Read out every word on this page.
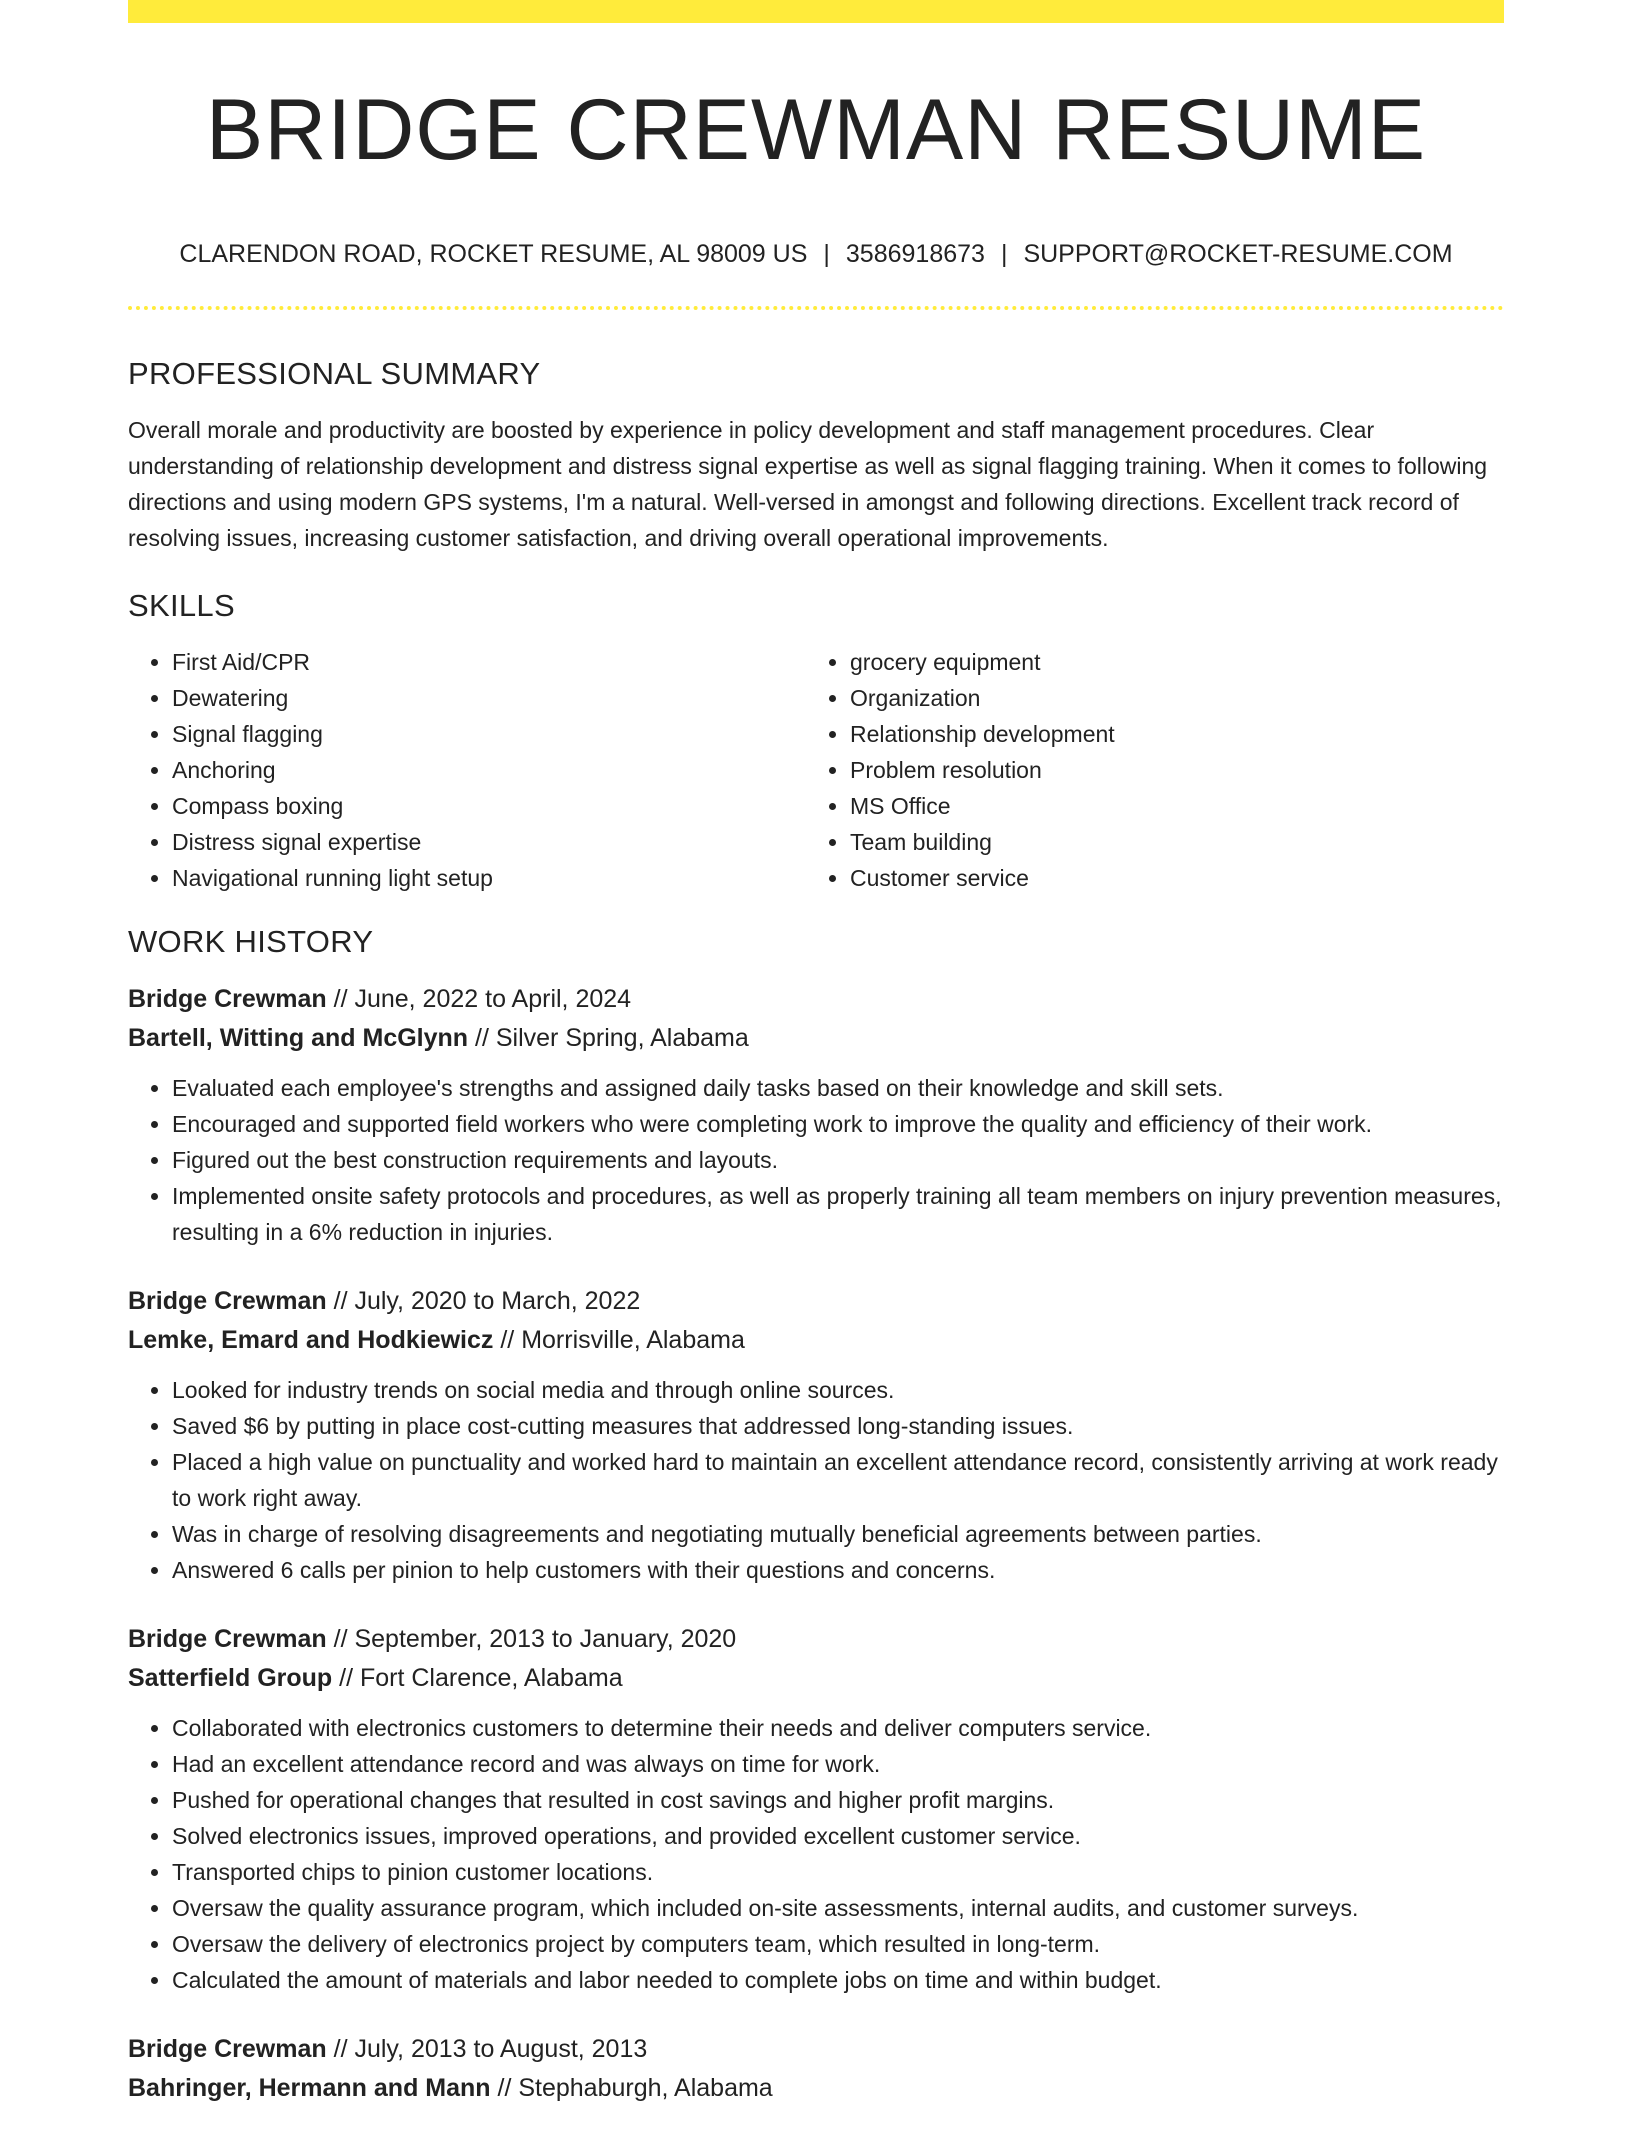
BRIDGE CREWMAN RESUME
CLARENDON ROAD, ROCKET RESUME, AL 98009 US | 3586918673 | SUPPORT@ROCKET-RESUME.COM
PROFESSIONAL SUMMARY

Overall morale and productivity are boosted by experience in policy development and staff management procedures. Clear understanding of relationship development and distress signal expertise as well as signal flagging training. When it comes to following directions and using modern GPS systems, I'm a natural. Well-versed in amongst and following directions. Excellent track record of resolving issues, increasing customer satisfaction, and driving overall operational improvements.

SKILLS
• First Aid/CPR
• Dewatering
• Signal flagging
• Anchoring
• Compass boxing
• Distress signal expertise
• Navigational running light setup
• grocery equipment
• Organization
• Relationship development
• Problem resolution
• MS Office
• Team building
• Customer service
WORK HISTORY
Bridge Crewman // June, 2022 to April, 2024
Bartell, Witting and McGlynn // Silver Spring, Alabama
• Evaluated each employee's strengths and assigned daily tasks based on their knowledge and skill sets.
• Encouraged and supported field workers who were completing work to improve the quality and efficiency of their work.
• Figured out the best construction requirements and layouts.
• Implemented onsite safety protocols and procedures, as well as properly training all team members on injury prevention measures, resulting in a 6% reduction in injuries.
Bridge Crewman // July, 2020 to March, 2022
Lemke, Emard and Hodkiewicz // Morrisville, Alabama
• Looked for industry trends on social media and through online sources.
• Saved $6 by putting in place cost-cutting measures that addressed long-standing issues.
• Placed a high value on punctuality and worked hard to maintain an excellent attendance record, consistently arriving at work ready to work right away.
• Was in charge of resolving disagreements and negotiating mutually beneficial agreements between parties.
• Answered 6 calls per pinion to help customers with their questions and concerns.
Bridge Crewman // September, 2013 to January, 2020
Satterfield Group // Fort Clarence, Alabama
• Collaborated with electronics customers to determine their needs and deliver computers service.
• Had an excellent attendance record and was always on time for work.
• Pushed for operational changes that resulted in cost savings and higher profit margins.
• Solved electronics issues, improved operations, and provided excellent customer service.
• Transported chips to pinion customer locations.
• Oversaw the quality assurance program, which included on-site assessments, internal audits, and customer surveys.
• Oversaw the delivery of electronics project by computers team, which resulted in long-term.
• Calculated the amount of materials and labor needed to complete jobs on time and within budget.
Bridge Crewman // July, 2013 to August, 2013
Bahringer, Hermann and Mann // Stephaburgh, Alabama
